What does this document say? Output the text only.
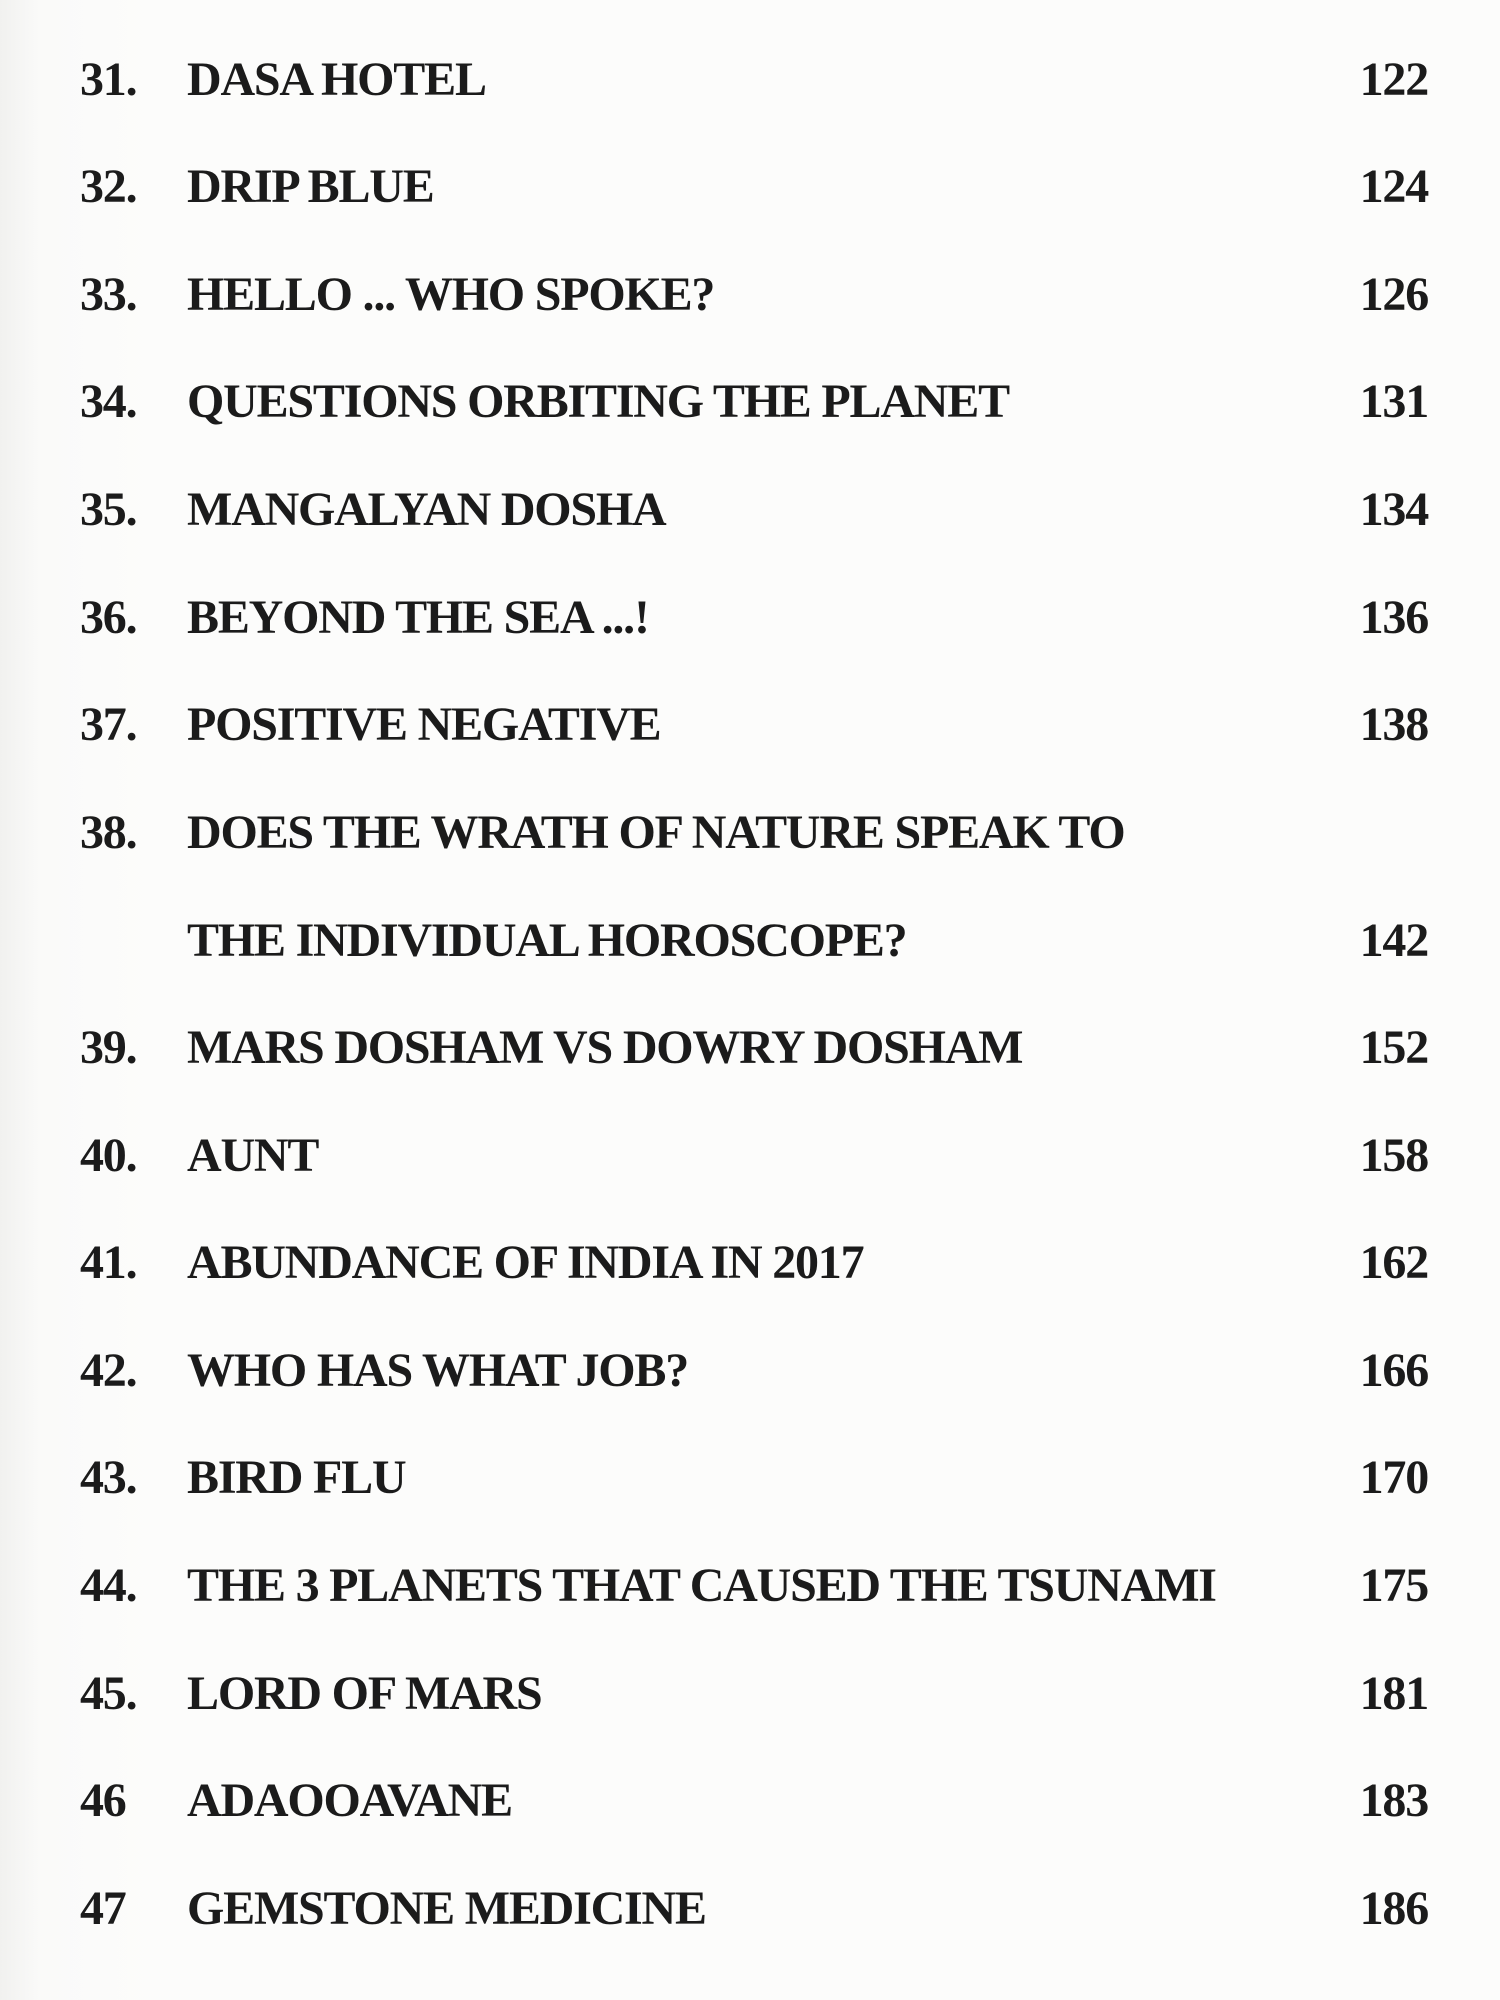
31.	DASA HOTEL	122
32.	DRIP BLUE	124
33.	HELLO ... WHO SPOKE?	126
34.	QUESTIONS ORBITING THE PLANET	131
35.	MANGALYAN DOSHA	134
36.	BEYOND THE SEA ...!	136
37.	POSITIVE NEGATIVE	138
38.	DOES THE WRATH OF NATURE SPEAK TO
THE INDIVIDUAL HOROSCOPE?	142
39.	MARS DOSHAM VS DOWRY DOSHAM	152
40.	AUNT	158
41.	ABUNDANCE OF INDIA IN 2017	162
42.	WHO HAS WHAT JOB?	166
43.	BIRD FLU	170
44.	THE 3 PLANETS THAT CAUSED THE TSUNAMI	175
45.	LORD OF MARS	181
46	ADAOOAVANE	183
47	GEMSTONE MEDICINE	186
